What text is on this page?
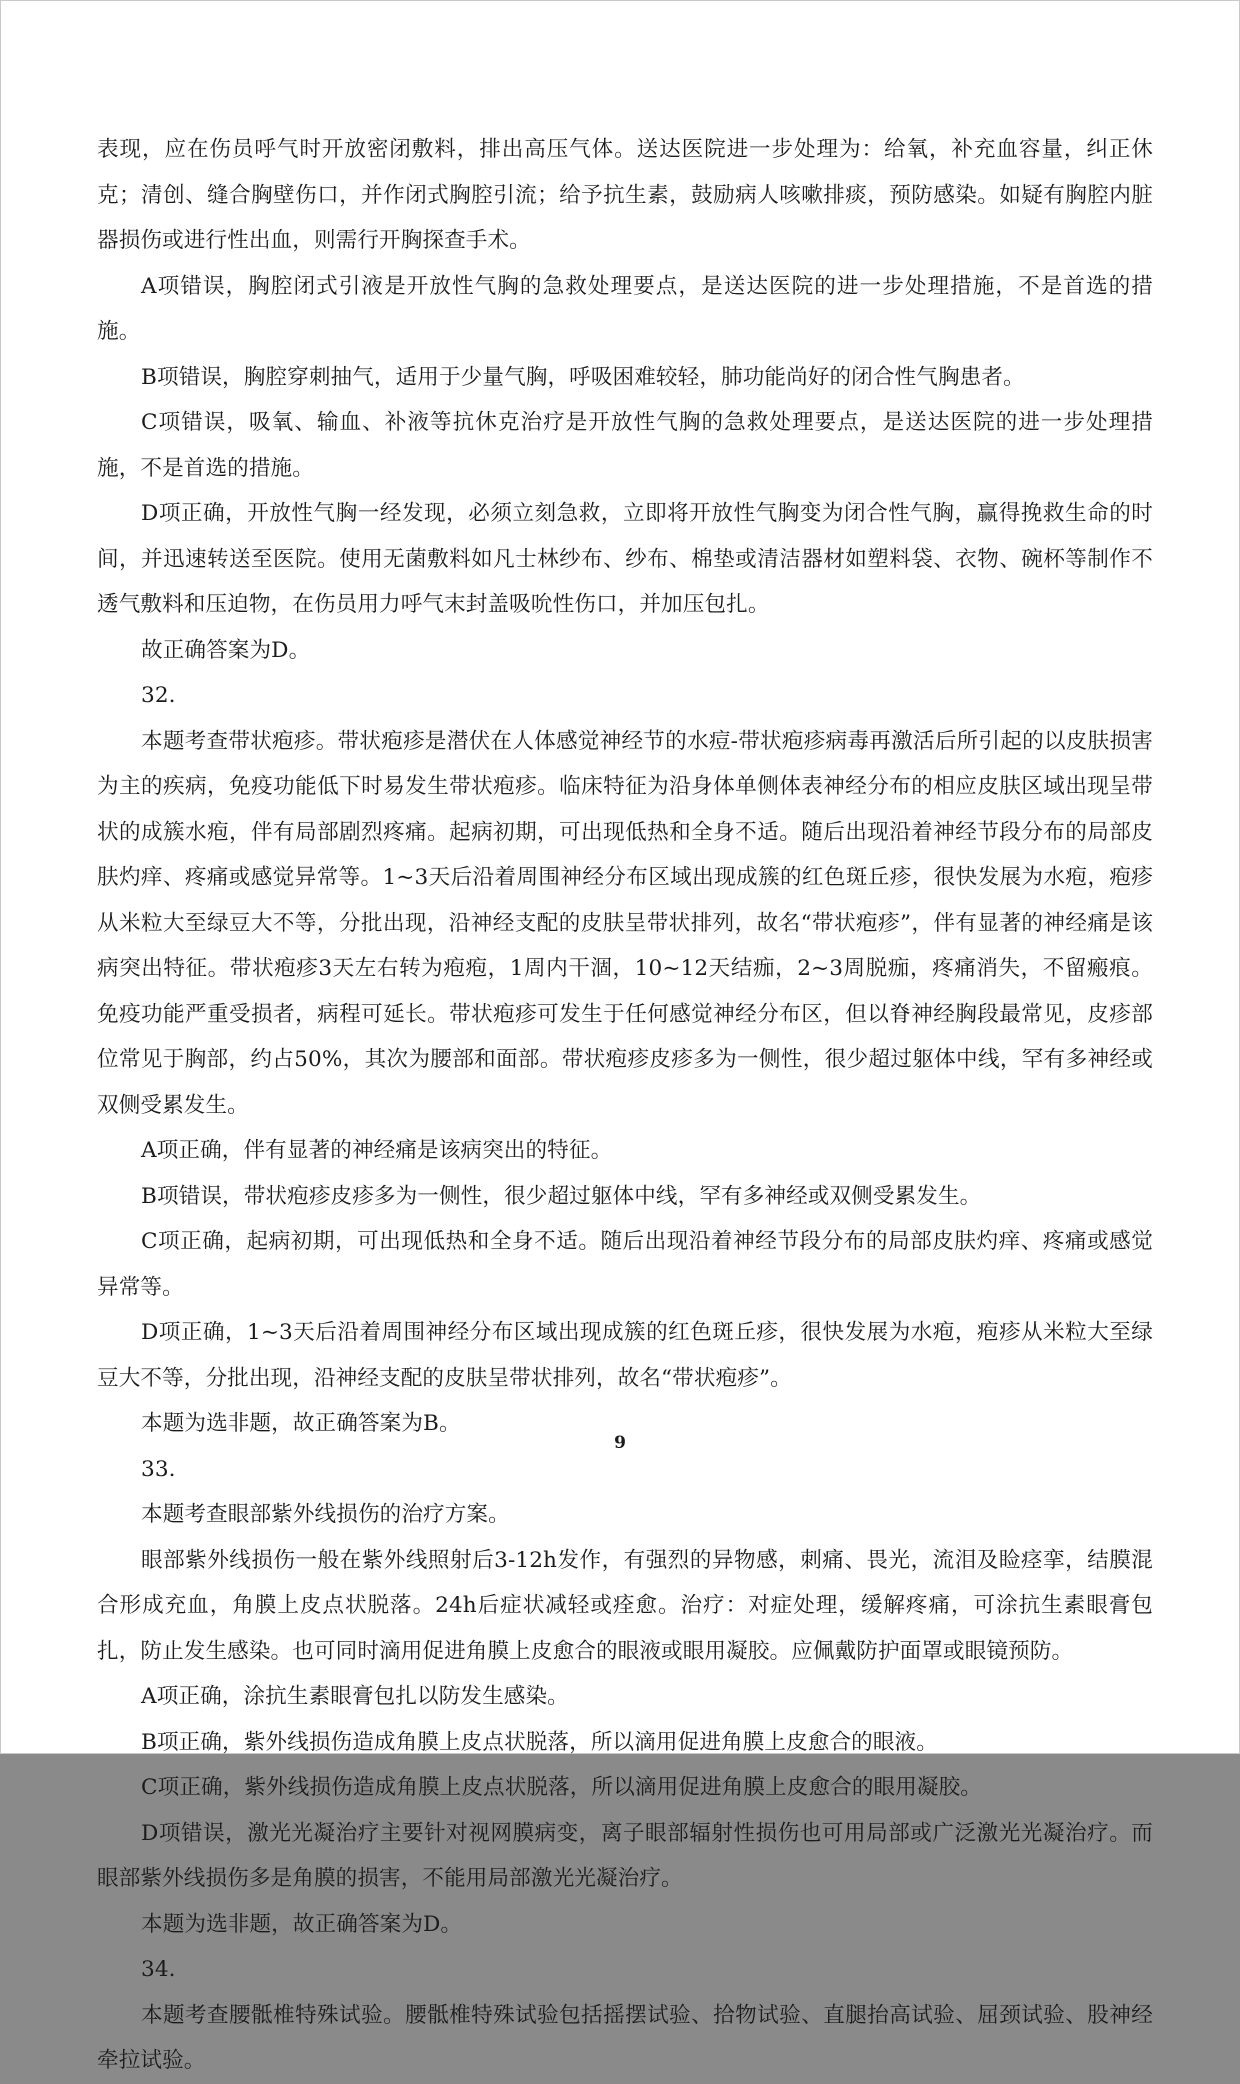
表现，应在伤员呼气时开放密闭敷料，排出高压气体。送达医院进一步处理为：给氧，补充血容量，纠正休克；清创、缝合胸壁伤口，并作闭式胸腔引流；给予抗生素，鼓励病人咳嗽排痰，预防感染。如疑有胸腔内脏器损伤或进行性出血，则需行开胸探查手术。

A项错误，胸腔闭式引液是开放性气胸的急救处理要点，是送达医院的进一步处理措施，不是首选的措施。

B项错误，胸腔穿刺抽气，适用于少量气胸，呼吸困难较轻，肺功能尚好的闭合性气胸患者。

C项错误，吸氧、输血、补液等抗休克治疗是开放性气胸的急救处理要点，是送达医院的进一步处理措施，不是首选的措施。

D项正确，开放性气胸一经发现，必须立刻急救，立即将开放性气胸变为闭合性气胸，赢得挽救生命的时间，并迅速转送至医院。使用无菌敷料如凡士林纱布、纱布、棉垫或清洁器材如塑料袋、衣物、碗杯等制作不透气敷料和压迫物，在伤员用力呼气末封盖吸吮性伤口，并加压包扎。

故正确答案为D。

32.

本题考查带状疱疹。带状疱疹是潜伏在人体感觉神经节的水痘-带状疱疹病毒再激活后所引起的以皮肤损害为主的疾病，免疫功能低下时易发生带状疱疹。临床特征为沿身体单侧体表神经分布的相应皮肤区域出现呈带状的成簇水疱，伴有局部剧烈疼痛。起病初期，可出现低热和全身不适。随后出现沿着神经节段分布的局部皮肤灼痒、疼痛或感觉异常等。1~3天后沿着周围神经分布区域出现成簇的红色斑丘疹，很快发展为水疱，疱疹从米粒大至绿豆大不等，分批出现，沿神经支配的皮肤呈带状排列，故名“带状疱疹”，伴有显著的神经痛是该病突出特征。带状疱疹3天左右转为疱疱，1周内干涸，10~12天结痂，2~3周脱痂，疼痛消失，不留瘢痕。免疫功能严重受损者，病程可延长。带状疱疹可发生于任何感觉神经分布区，但以脊神经胸段最常见，皮疹部位常见于胸部，约占50%，其次为腰部和面部。带状疱疹皮疹多为一侧性，很少超过躯体中线，罕有多神经或双侧受累发生。

A项正确，伴有显著的神经痛是该病突出的特征。

B项错误，带状疱疹皮疹多为一侧性，很少超过躯体中线，罕有多神经或双侧受累发生。

C项正确，起病初期，可出现低热和全身不适。随后出现沿着神经节段分布的局部皮肤灼痒、疼痛或感觉异常等。

D项正确，1~3天后沿着周围神经分布区域出现成簇的红色斑丘疹，很快发展为水疱，疱疹从米粒大至绿豆大不等，分批出现，沿神经支配的皮肤呈带状排列，故名“带状疱疹”。

本题为选非题，故正确答案为B。

33.

本题考查眼部紫外线损伤的治疗方案。

眼部紫外线损伤一般在紫外线照射后3-12h发作，有强烈的异物感，刺痛、畏光，流泪及睑痉挛，结膜混合形成充血，角膜上皮点状脱落。24h后症状减轻或痊愈。治疗：对症处理，缓解疼痛，可涂抗生素眼膏包扎，防止发生感染。也可同时滴用促进角膜上皮愈合的眼液或眼用凝胶。应佩戴防护面罩或眼镜预防。

A项正确，涂抗生素眼膏包扎以防发生感染。

B项正确，紫外线损伤造成角膜上皮点状脱落，所以滴用促进角膜上皮愈合的眼液。

C项正确，紫外线损伤造成角膜上皮点状脱落，所以滴用促进角膜上皮愈合的眼用凝胶。

D项错误，激光光凝治疗主要针对视网膜病变，离子眼部辐射性损伤也可用局部或广泛激光光凝治疗。而眼部紫外线损伤多是角膜的损害，不能用局部激光光凝治疗。

本题为选非题，故正确答案为D。

34.

本题考查腰骶椎特殊试验。腰骶椎特殊试验包括摇摆试验、拾物试验、直腿抬高试验、屈颈试验、股神经牵拉试验。

9
